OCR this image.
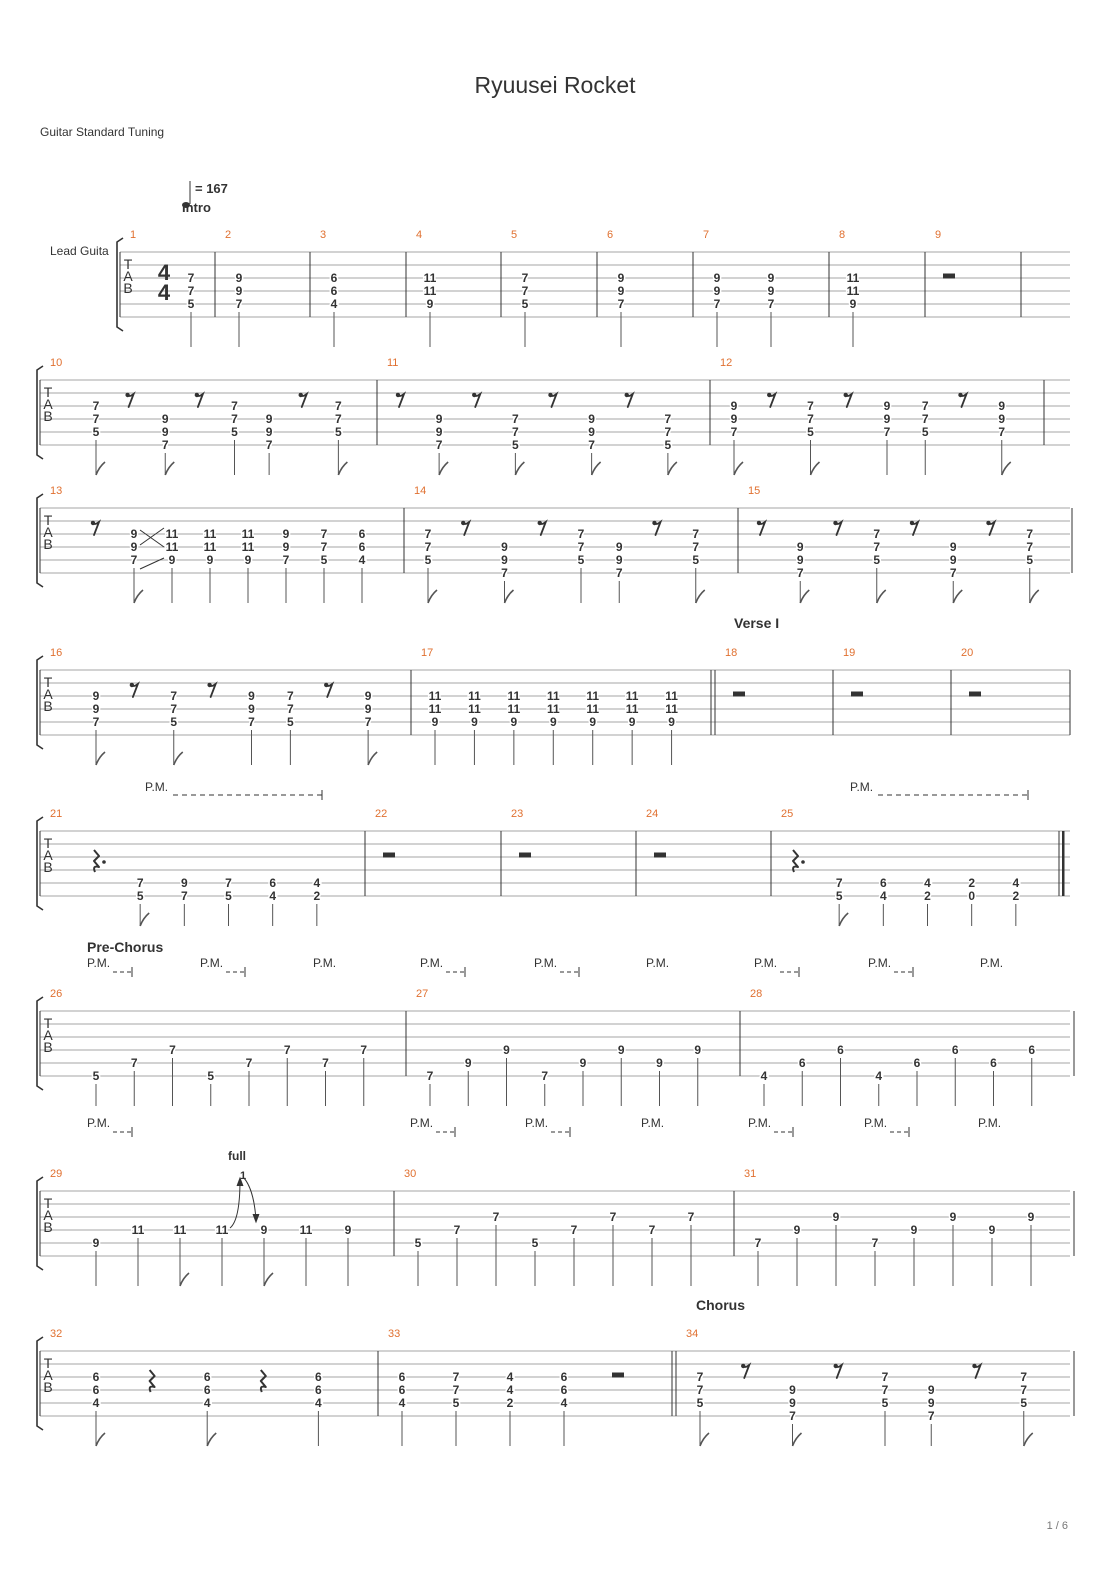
Ryuusei Rocket
Guitar Standard Tuning
= 167
Intro
Lead Guita
T
A
B
1
4
4
7
7
5
2
9
9
7
3
6
6
4
4
11
11
9
5
7
7
5
6
9
9
7
7
9
9
7
9
9
7
8
11
11
9
9
T
A
B
10
7
7
5
9
9
7
7
7
5
9
9
7
7
7
5
11
9
9
7
7
7
5
9
9
7
7
7
5
12
9
9
7
7
7
5
9
9
7
7
7
5
9
9
7
T
A
B
13
9
9
7
11
11
9
11
11
9
11
11
9
9
9
7
7
7
5
6
6
4
14
7
7
5
9
9
7
7
7
5
9
9
7
7
7
5
15
9
9
7
7
7
5
9
9
7
7
7
5
T
A
B
Verse I
16
9
9
7
7
7
5
9
9
7
7
7
5
9
9
7
17
11
11
9
11
11
9
11
11
9
11
11
9
11
11
9
11
11
9
11
11
9
18	19	20
T
A
B
P.M.	P.M.
21
7
5
9
7
7
5
6
4
4
2
22	23	24	25
7
5
6
4
4
2
2
0
4
2
T
A
B
Pre-Chorus
P.M.	P.M.	P.M.	P.M.	P.M.	P.M.	P.M.	P.M.	P.M.
26
5
7
7
5
7
7
7
7
27
7
9
9
7
9
9
9
9
28
4
6
6
4
6
6
6
6
T
A
B
P.M.	P.M.	P.M.	P.M.	P.M.	P.M.	P.M.
29
9
11 11 11
1
full
9	11	9
30
5
7
7
5
7
7
7
7
31
7
9
9
7
9
9
9
9
T
A
B
Chorus
32
6
6
4
6
6
4
6
6
4
33
6
6
4
7
7
5
4
4
2
6
6
4
34
7
7
5
9
9
7
7
7
5
9
9
7
7
7
5
1 / 6
